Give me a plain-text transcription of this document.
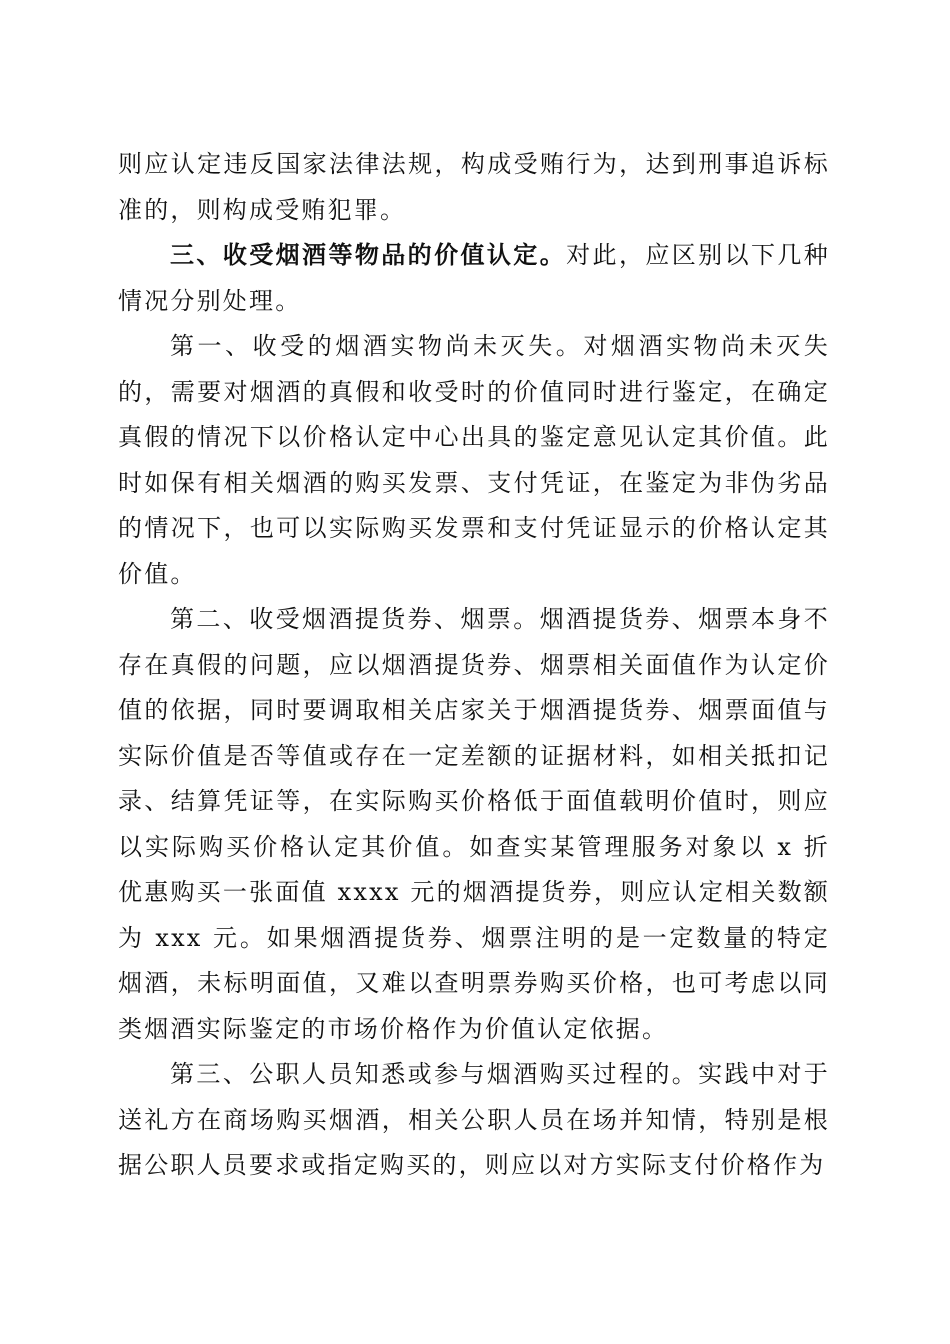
则应认定违反国家法律法规，构成受贿行为，达到刑事追诉标准的，则构成受贿犯罪。

三、收受烟酒等物品的价值认定。对此，应区别以下几种情况分别处理。

第一、收受的烟酒实物尚未灭失。对烟酒实物尚未灭失的，需要对烟酒的真假和收受时的价值同时进行鉴定，在确定真假的情况下以价格认定中心出具的鉴定意见认定其价值。此时如保有相关烟酒的购买发票、支付凭证，在鉴定为非伪劣品的情况下，也可以实际购买发票和支付凭证显示的价格认定其价值。

第二、收受烟酒提货券、烟票。烟酒提货券、烟票本身不存在真假的问题，应以烟酒提货券、烟票相关面值作为认定价值的依据，同时要调取相关店家关于烟酒提货券、烟票面值与实际价值是否等值或存在一定差额的证据材料，如相关抵扣记录、结算凭证等，在实际购买价格低于面值载明价值时，则应以实际购买价格认定其价值。如查实某管理服务对象以 x 折优惠购买一张面值 xxxx 元的烟酒提货券，则应认定相关数额为 xxx 元。如果烟酒提货券、烟票注明的是一定数量的特定烟酒，未标明面值，又难以查明票券购买价格，也可考虑以同类烟酒实际鉴定的市场价格作为价值认定依据。

第三、公职人员知悉或参与烟酒购买过程的。实践中对于送礼方在商场购买烟酒，相关公职人员在场并知情，特别是根据公职人员要求或指定购买的，则应以对方实际支付价格作为
